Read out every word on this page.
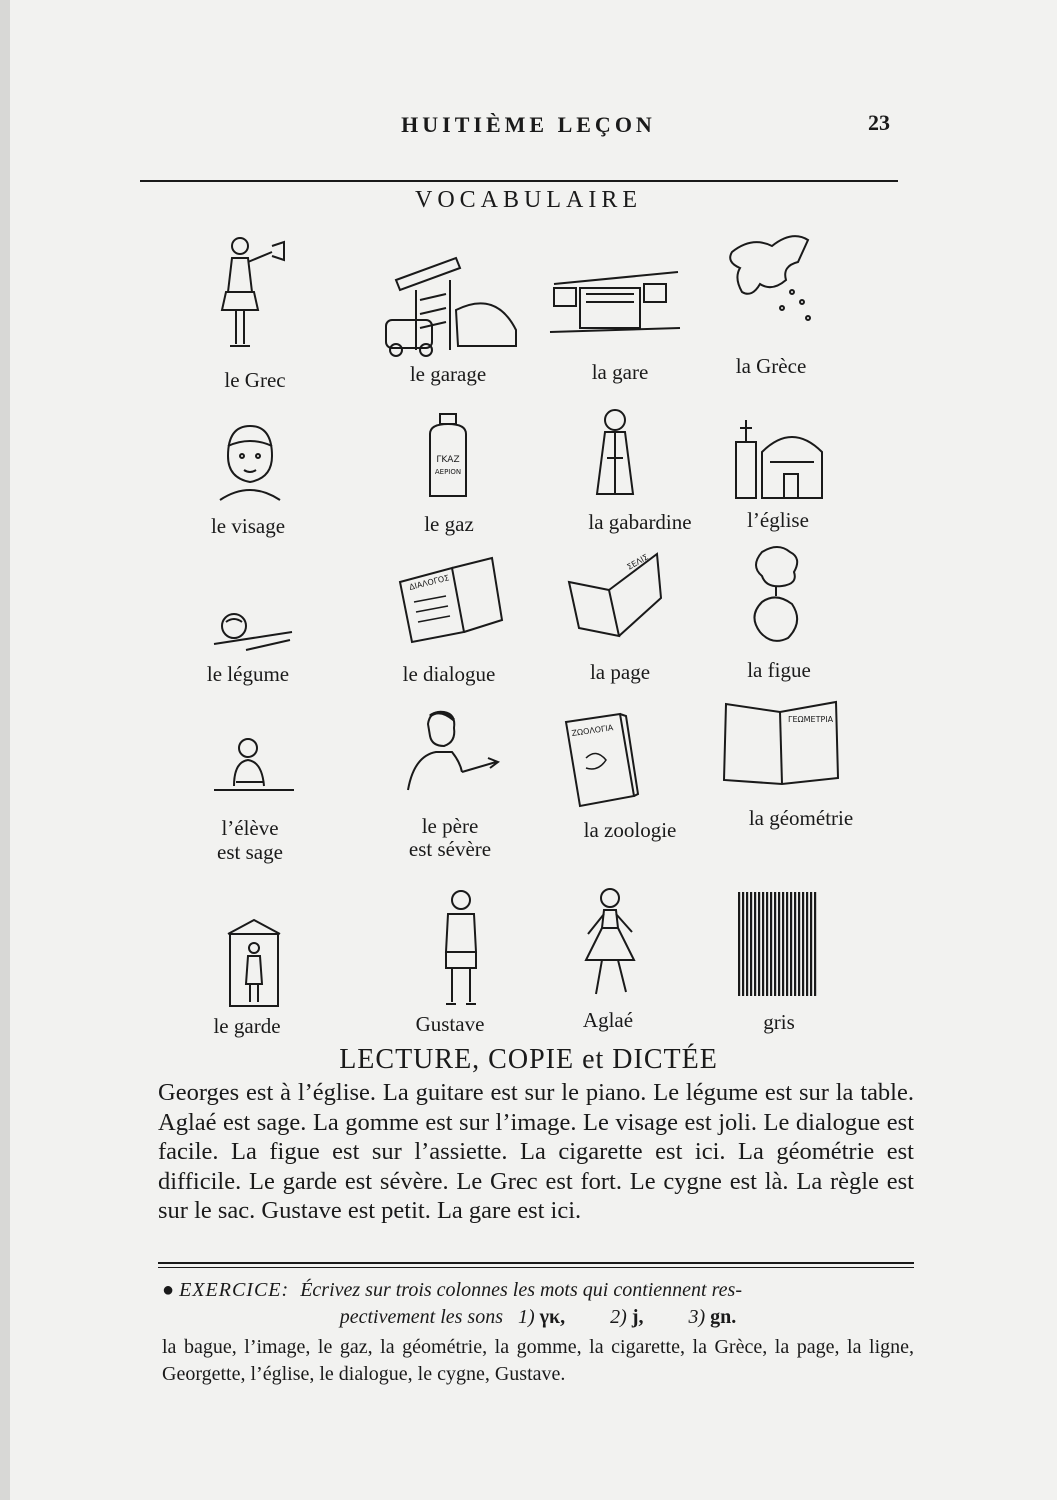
HUITIÈME LEÇON	23
VOCABULAIRE
le Grec	le garage	la gare	la Grèce
le visage
ΓΚΑΖ
ΑΕΡΙΟΝ
le gaz	la gabardine	l’église
le légume
ΔΙΑΛΟΓΟΣ
le dialogue
ΣΕΛΙΣ
la page	la figue
l’élève
est sage
le père
est sévère
ΖΩΟΛΟΓΙΑ
la zoologie
ΓΕΩΜΕΤΡΙΑ
la géométrie
le garde	Gustave	Aglaé	gris
LECTURE, COPIE et DICTÉE

Georges est à l’église. La guitare est sur le piano. Le légume est sur la table. Aglaé est sage. La gomme est sur l’image. Le visage est joli. Le dialogue est facile. La figue est sur l’assiette. La cigarette est ici. La géométrie est difficile. Le garde est sévère. Le Grec est fort. Le cygne est là. La règle est sur le sac. Gustave est petit. La gare est ici.

● EXERCICE: Écrivez sur trois colonnes les mots qui contiennent res-
pectivement les sons 1) γκ, 2) j, 3) gn.

la bague, l’image, le gaz, la géométrie, la gomme, la cigarette, la Grèce, la page, la ligne, Georgette, l’église, le dialogue, le cygne, Gustave.
